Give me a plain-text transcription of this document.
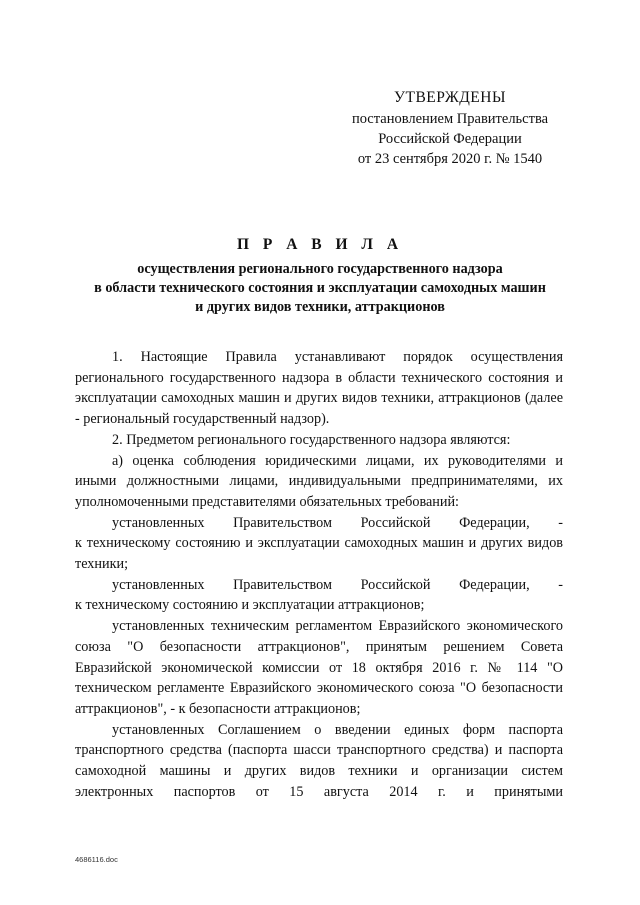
УТВЕРЖДЕНЫ
постановлением Правительства
Российской Федерации
от 23 сентября 2020 г. № 1540
П Р А В И Л А
осуществления регионального государственного надзора
в области технического состояния и эксплуатации самоходных машин
и других видов техники, аттракционов

1. Настоящие Правила устанавливают порядок осуществления регионального государственного надзора в области технического состояния и эксплуатации самоходных машин и других видов техники, аттракционов (далее - региональный государственный надзор).

2. Предметом регионального государственного надзора являются:

а) оценка соблюдения юридическими лицами, их руководителями и иными должностными лицами, индивидуальными предпринимателями, их уполномоченными представителями обязательных требований:

установленных Правительством Российской Федерации, -

к техническому состоянию и эксплуатации самоходных машин и других видов техники;

установленных Правительством Российской Федерации, -

к техническому состоянию и эксплуатации аттракционов;

установленных техническим регламентом Евразийского экономического союза "О безопасности аттракционов", принятым решением Совета Евразийской экономической комиссии от 18 октября 2016 г. № 114 "О техническом регламенте Евразийского экономического союза "О безопасности аттракционов", - к безопасности аттракционов;

установленных Соглашением о введении единых форм паспорта транспортного средства (паспорта шасси транспортного средства) и паспорта самоходной машины и других видов техники и организации систем электронных паспортов от 15 августа 2014 г. и принятыми

4686116.doc
